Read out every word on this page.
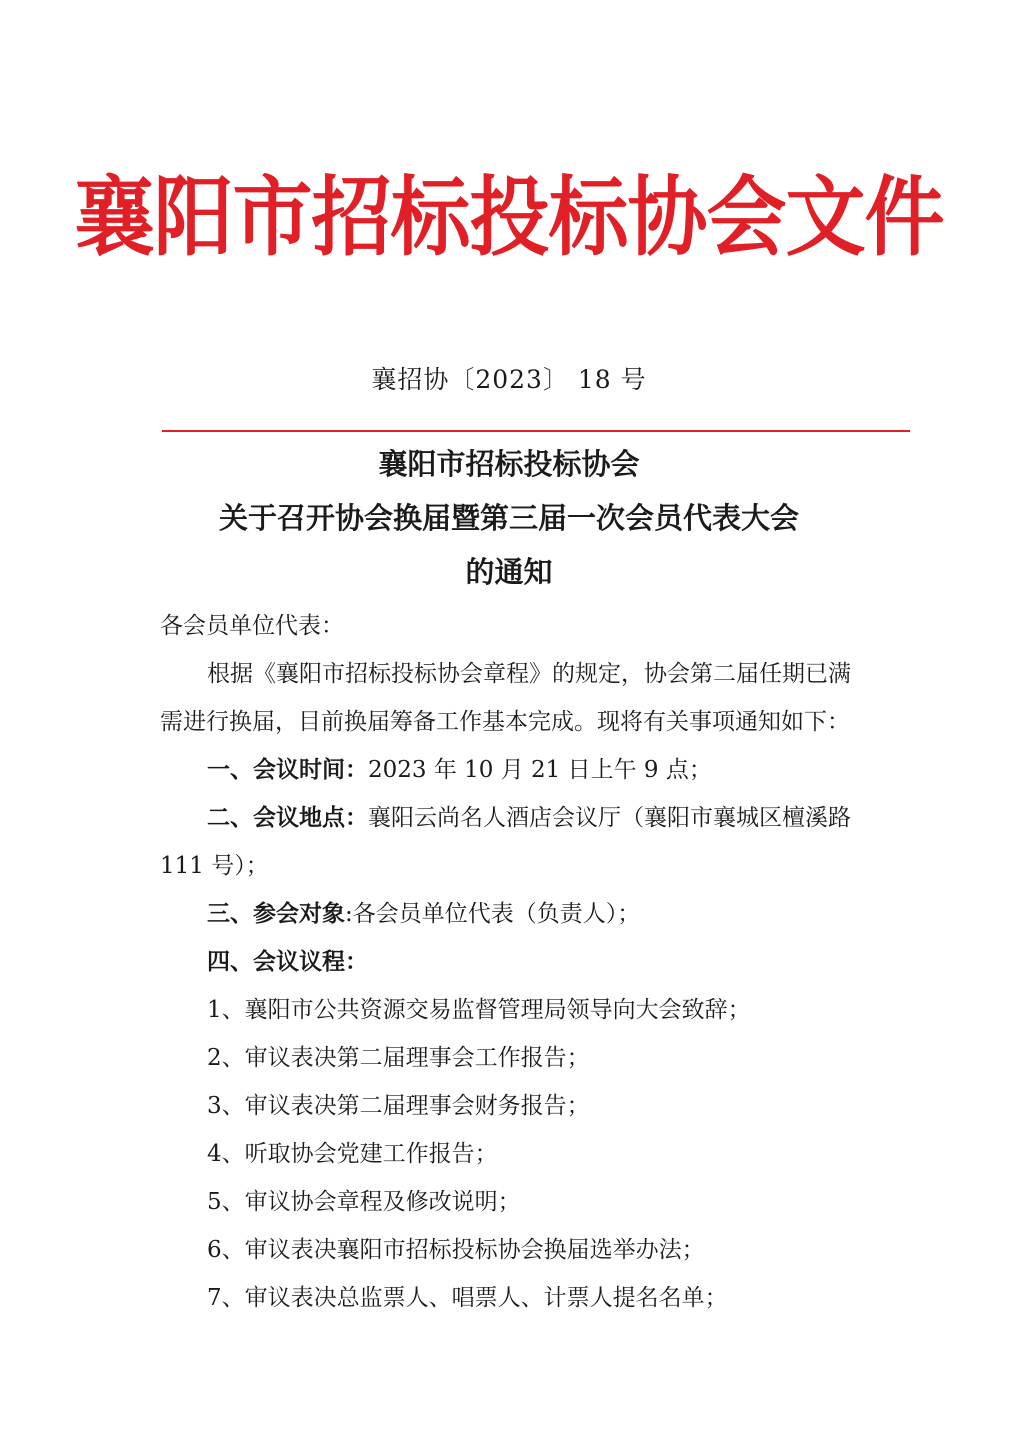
襄阳市招标投标协会文件
襄招协〔2023〕 18 号
襄阳市招标投标协会
关于召开协会换届暨第三届一次会员代表大会
的通知
各会员单位代表：
根据《襄阳市招标投标协会章程》的规定，协会第二届任期已满
需进行换届，目前换届筹备工作基本完成。现将有关事项通知如下：
一、会议时间：2023 年 10 月 21 日上午 9 点；
二、会议地点：襄阳云尚名人酒店会议厅（襄阳市襄城区檀溪路
111 号）；
三、参会对象:各会员单位代表（负责人）；
四、会议议程：
1、襄阳市公共资源交易监督管理局领导向大会致辞；
2、审议表决第二届理事会工作报告；
3、审议表决第二届理事会财务报告；
4、听取协会党建工作报告；
5、审议协会章程及修改说明；
6、审议表决襄阳市招标投标协会换届选举办法；
7、审议表决总监票人、唱票人、计票人提名名单；
